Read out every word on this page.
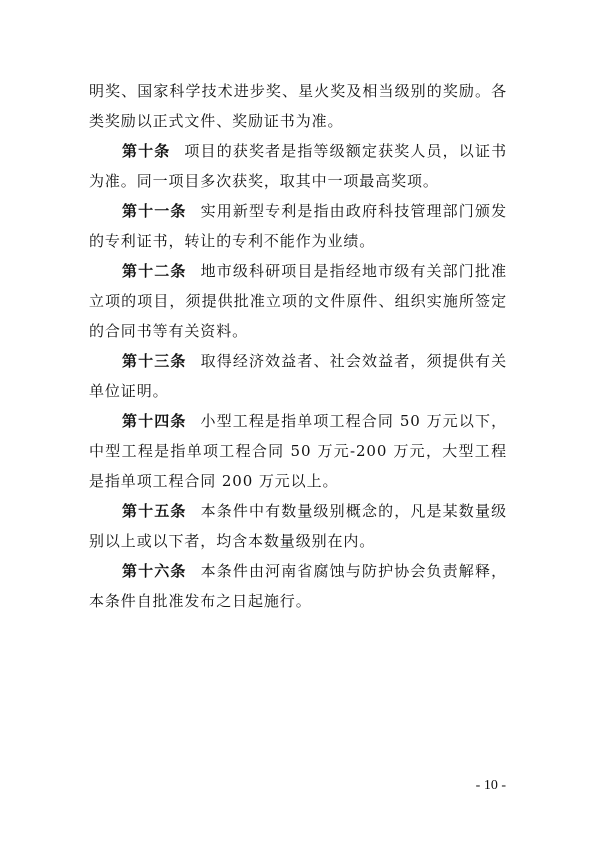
明奖、国家科学技术进步奖、星火奖及相当级别的奖励。各类奖励以正式文件、奖励证书为准。

第十条 项目的获奖者是指等级额定获奖人员，以证书为准。同一项目多次获奖，取其中一项最高奖项。

第十一条 实用新型专利是指由政府科技管理部门颁发的专利证书，转让的专利不能作为业绩。

第十二条 地市级科研项目是指经地市级有关部门批准立项的项目，须提供批准立项的文件原件、组织实施所签定的合同书等有关资料。

第十三条 取得经济效益者、社会效益者，须提供有关单位证明。

第十四条 小型工程是指单项工程合同 50 万元以下，中型工程是指单项工程合同 50 万元-200 万元，大型工程是指单项工程合同 200 万元以上。

第十五条 本条件中有数量级别概念的，凡是某数量级别以上或以下者，均含本数量级别在内。

第十六条 本条件由河南省腐蚀与防护协会负责解释，本条件自批准发布之日起施行。

- 10 -
